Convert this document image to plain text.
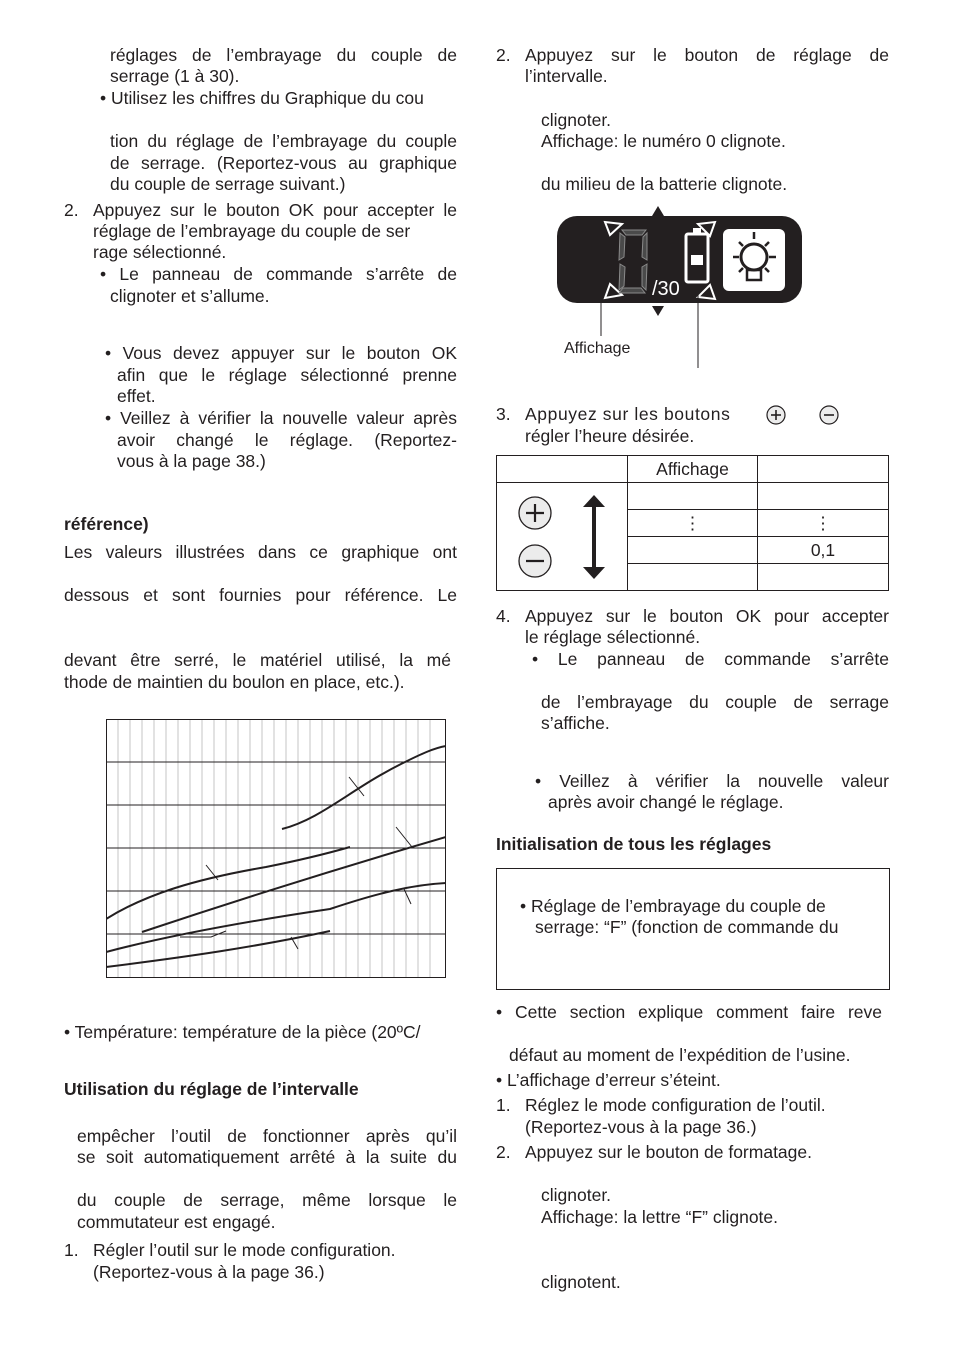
réglages de l’embrayage du couple de
serrage (1 à 30).
• Utilisez les chiffres du Graphique du cou
tion du réglage de l’embrayage du couple
de serrage. (Reportez-vous au graphique
du couple de serrage suivant.)
2. Appuyez sur le bouton OK pour accepter le
réglage de l’embrayage du couple de ser
rage sélectionné.
• Le panneau de commande s’arrête de
clignoter et s’allume.
• Vous devez appuyer sur le bouton OK
afin que le réglage sélectionné prenne
effet.
• Veillez à vérifier la nouvelle valeur après
avoir changé le réglage. (Reportez-
vous à la page 38.)
référence)
Les valeurs illustrées dans ce graphique ont
dessous et sont fournies pour référence. Le
devant être serré, le matériel utilisé, la mé
thode de maintien du boulon en place, etc.).
• Température: température de la pièce (20ºC/
Utilisation du réglage de l’intervalle
empêcher l’outil de fonctionner après qu’il
se soit automatiquement arrêté à la suite du
du couple de serrage, même lorsque le
commutateur est engagé.
1. Régler l’outil sur le mode configuration.
(Reportez-vous à la page 36.)
2. Appuyez sur le bouton de réglage de
l’intervalle.
clignoter.
Affichage: le numéro 0 clignote.
du milieu de la batterie clignote.
/30
Affichage
3. Appuyez sur les boutons
régler l’heure désirée.
	Affichage	

	⋮	⋮
		0,1

4. Appuyez sur le bouton OK pour accepter
le réglage sélectionné.
• Le panneau de commande s’arrête
de l’embrayage du couple de serrage
s’affiche.
• Veillez à vérifier la nouvelle valeur
après avoir changé le réglage.
Initialisation de tous les réglages
• Réglage de l’embrayage du couple de
serrage: “F” (fonction de commande du
• Cette section explique comment faire reve
défaut au moment de l’expédition de l’usine.
• L’affichage d’erreur s’éteint.
1. Réglez le mode configuration de l’outil.
(Reportez-vous à la page 36.)
2. Appuyez sur le bouton de formatage.
clignoter.
Affichage: la lettre “F” clignote.
clignotent.
